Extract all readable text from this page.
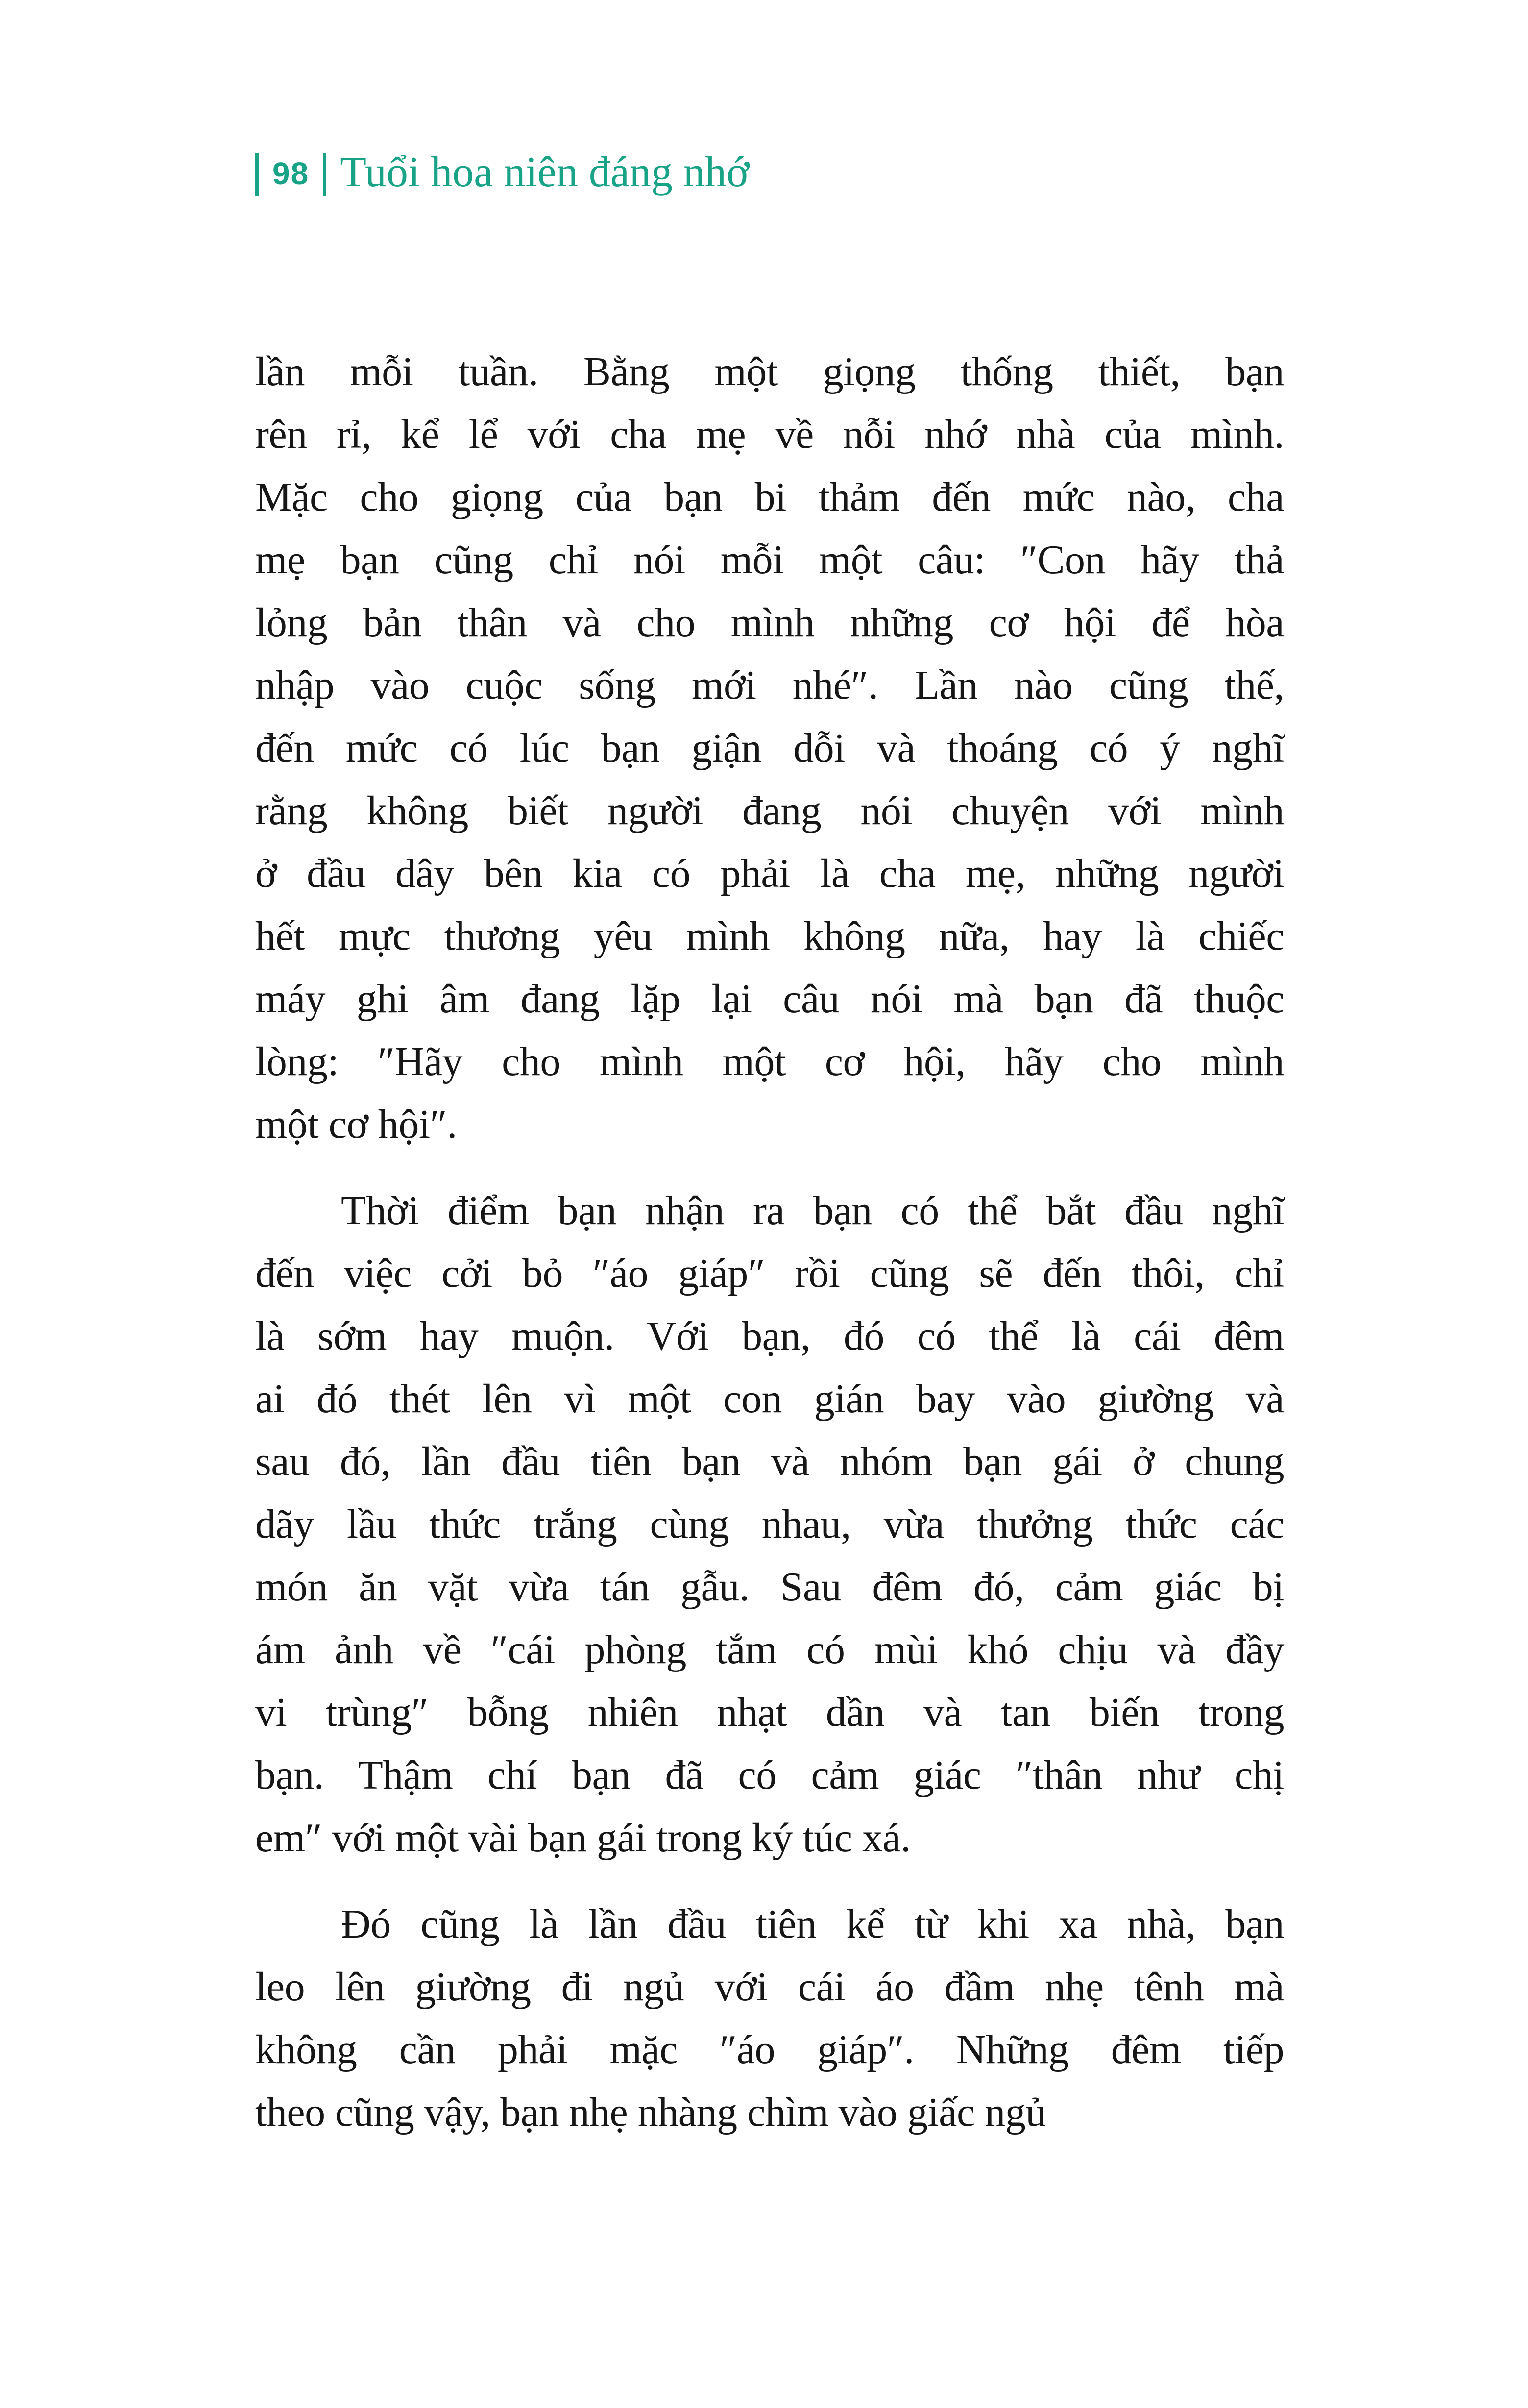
98 Tuổi hoa niên đáng nhớ
lần mỗi tuần. Bằng một giọng thống thiết, bạn
rên rỉ, kể lể với cha mẹ về nỗi nhớ nhà của mình.
Mặc cho giọng của bạn bi thảm đến mức nào, cha
mẹ bạn cũng chỉ nói mỗi một câu: ″Con hãy thả
lỏng bản thân và cho mình những cơ hội để hòa
nhập vào cuộc sống mới nhé″. Lần nào cũng thế,
đến mức có lúc bạn giận dỗi và thoáng có ý nghĩ
rằng không biết người đang nói chuyện với mình
ở đầu dây bên kia có phải là cha mẹ, những người
hết mực thương yêu mình không nữa, hay là chiếc
máy ghi âm đang lặp lại câu nói mà bạn đã thuộc
lòng: ″Hãy cho mình một cơ hội, hãy cho mình
một cơ hội″.
Thời điểm bạn nhận ra bạn có thể bắt đầu nghĩ
đến việc cởi bỏ ″áo giáp″ rồi cũng sẽ đến thôi, chỉ
là sớm hay muộn. Với bạn, đó có thể là cái đêm
ai đó thét lên vì một con gián bay vào giường và
sau đó, lần đầu tiên bạn và nhóm bạn gái ở chung
dãy lầu thức trắng cùng nhau, vừa thưởng thức các
món ăn vặt vừa tán gẫu. Sau đêm đó, cảm giác bị
ám ảnh về ″cái phòng tắm có mùi khó chịu và đầy
vi trùng″ bỗng nhiên nhạt dần và tan biến trong
bạn. Thậm chí bạn đã có cảm giác ″thân như chị
em″ với một vài bạn gái trong ký túc xá.
Đó cũng là lần đầu tiên kể từ khi xa nhà, bạn
leo lên giường đi ngủ với cái áo đầm nhẹ tênh mà
không cần phải mặc ″áo giáp″. Những đêm tiếp
theo cũng vậy, bạn nhẹ nhàng chìm vào giấc ngủ
